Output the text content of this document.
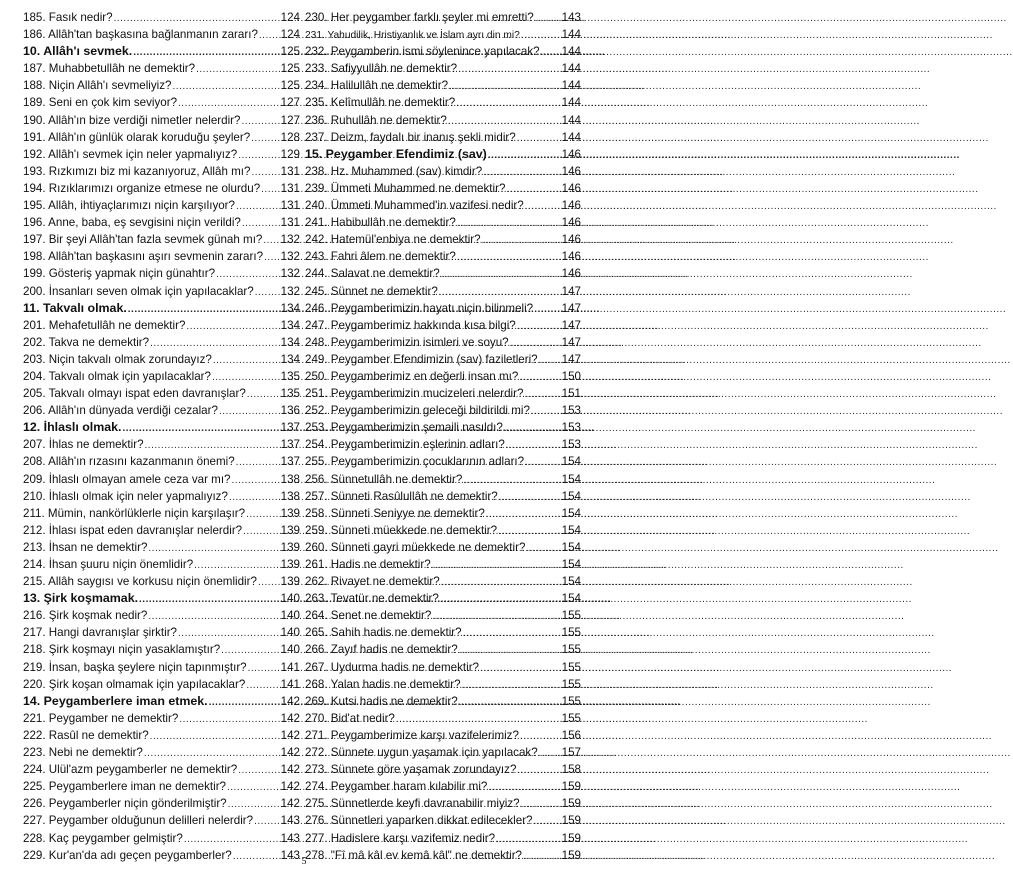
185. Fasık nedir? .....	124
186. Allâh'tan başkasına bağlanmanın zararı? ..... 124
10. Allâh'ı sevmek. .....	125
187. Muhabbetullâh ne demektir? .....	125
188. Niçin Allâh'ı sevmeliyiz? .....	125
189. Seni en çok kim seviyor? .....	127
190. Allâh'ın bize verdiği nimetler nelerdir? .....	127
191. Allâh'ın günlük olarak koruduğu şeyler? .....	128
192. Allâh'ı sevmek için neler yapmalıyız? .....	129
193. Rızkımızı biz mi kazanıyoruz, Allâh mı? .....	131
194. Rızıklarımızı organize etmese ne olurdu? ..... 131
195. Allâh, ihtiyaçlarımızı niçin karşılıyor? .....	131
196. Anne, baba, eş sevgisini niçin verildi? .....	131
197. Bir şeyi Allâh'tan fazla sevmek günah mı? ..... 132
198. Allâh'tan başkasını aşırı sevmenin zararı? ..... 132
199. Gösteriş yapmak niçin günahtır? .....	132
200. İnsanları seven olmak için yapılacaklar? ..... 132
11. Takvalı olmak. .....	134
201. Mehafetullâh ne demektir? .....	134
202. Takva ne demektir? .....	134
203. Niçin takvalı olmak zorundayız? .....	134
204. Takvalı olmak için yapılacaklar? .....	135
205. Takvalı olmayı ispat eden davranışlar? .....	135
206. Allâh'ın dünyada verdiği cezalar? .....	136
12. İhlaslı olmak. .....	137
207. İhlas ne demektir? .....	137
208. Allâh'ın rızasını kazanmanın önemi? .....	137
209. İhlaslı olmayan amele ceza var mı? .....	138
210. İhlaslı olmak için neler yapmalıyız? .....	138
211. Mümin, nankörlüklerle niçin karşılaşır? .....	139
212. İhlası ispat eden davranışlar nelerdir? .....	139
213. İhsan ne demektir? .....	139
214. İhsan şuuru niçin önemlidir? .....	139
215. Allâh saygısı ve korkusu niçin önemlidir? ..... 139
13. Şirk koşmamak. .....	140
216. Şirk koşmak nedir? .....	140
217. Hangi davranışlar şirktir? .....	140
218. Şirk koşmayı niçin yasaklamıştır? .....	140
219. İnsan, başka şeylere niçin tapınmıştır? .....	141
220. Şirk koşan olmamak için yapılacaklar? .....	141
14. Peygamberlere iman etmek. .....	142
221. Peygamber ne demektir? .....	142
222. Rasûl ne demektir? .....	142
223. Nebi ne demektir? .....	142
224. Ulül'azm peygamberler ne demektir? .....	142
225. Peygamberlere iman ne demektir? .....	142
226. Peygamberler niçin gönderilmiştir? .....	142
227. Peygamber olduğunun delilleri nelerdir? ..... 143
228. Kaç peygamber gelmiştir? .....	143
229. Kur'an'da adı geçen peygamberler? .....	143
230. Her peygamber farklı şeyler mi emretti? ..... 143
231. Yahudilik, Hristiyanlık ve İslam ayrı din mi? .....	144
232. Peygamberin ismi söylenince yapılacak? ..... 144
233. Safiyyullâh ne demektir? .....	144
234. Halilullâh ne demektir? .....	144
235. Kelîmullâh ne demektir? .....	144
236. Ruhullâh ne demektir? .....	144
237. Deizm, faydalı bir inanış şekli midir? .....	144
15. Peygamber Efendimiz (sav) .....	146
238. Hz. Muhammed (sav) kimdir? .....	146
239. Ümmeti Muhammed ne demektir? .....	146
240. Ümmeti Muhammed'in vazifesi nedir? .....	146
241. Habibullâh ne demektir? .....	146
242. Hatemül'enbiya ne demektir? .....	146
243. Fahri âlem ne demektir? .....	146
244. Salavat ne demektir? .....	146
245. Sünnet ne demektir? .....	147
246. Peygamberimizin hayatı niçin bilinmeli? ..... 147
247. Peygamberimiz hakkında kısa bilgi? .....	147
248. Peygamberimizin isimleri ve soyu? .....	147
249. Peygamber Efendimizin (sav) faziletleri? ..... 147
250. Peygamberimiz en değerli insan mı? .....	150
251. Peygamberimizin mucizeleri nelerdir? .....	151
252. Peygamberimizin geleceği bildirildi mi? .....	153
253. Peygamberimizin şemaili nasıldı? .....	153
254. Peygamberimizin eşlerinin adları? .....	153
255. Peygamberimizin çocuklarının adları? .....	154
256. Sünnetullâh ne demektir? .....	154
257. Sünneti Rasûlullâh ne demektir? .....	154
258. Sünneti Seniyye ne demektir? .....	154
259. Sünneti müekkede ne demektir? .....	154
260. Sünneti gayri müekkede ne demektir? .....	154
261. Hadis ne demektir? .....	154
262. Rivayet ne demektir? .....	154
263. Tevatür ne demektir? .....	154
264. Senet ne demektir? .....	155
265. Sahih hadis ne demektir? .....	155
266. Zayıf hadis ne demektir? .....	155
267. Uydurma hadis ne demektir? .....	155
268. Yalan hadis ne demektir? .....	155
269. Kutsi hadis ne demektir? .....	155
270. Bid'at nedir? .....	155
271. Peygamberimize karşı vazifelerimiz? .....	156
272. Sünnete uygun yaşamak için yapılacak? ..... 157
273. Sünnete göre yaşamak zorundayız? .....	158
274. Peygamber haram kılabilir mi? .....	159
275. Sünnetlerde keyfi davranabilir miyiz? .....	159
276. Sünnetleri yaparken dikkat edilecekler? .....	159
277. Hadislere karşı vazifemiz nedir? .....	159
278. "Fî mâ kâl ev kemâ kâl" ne demektir? .....	159
5
